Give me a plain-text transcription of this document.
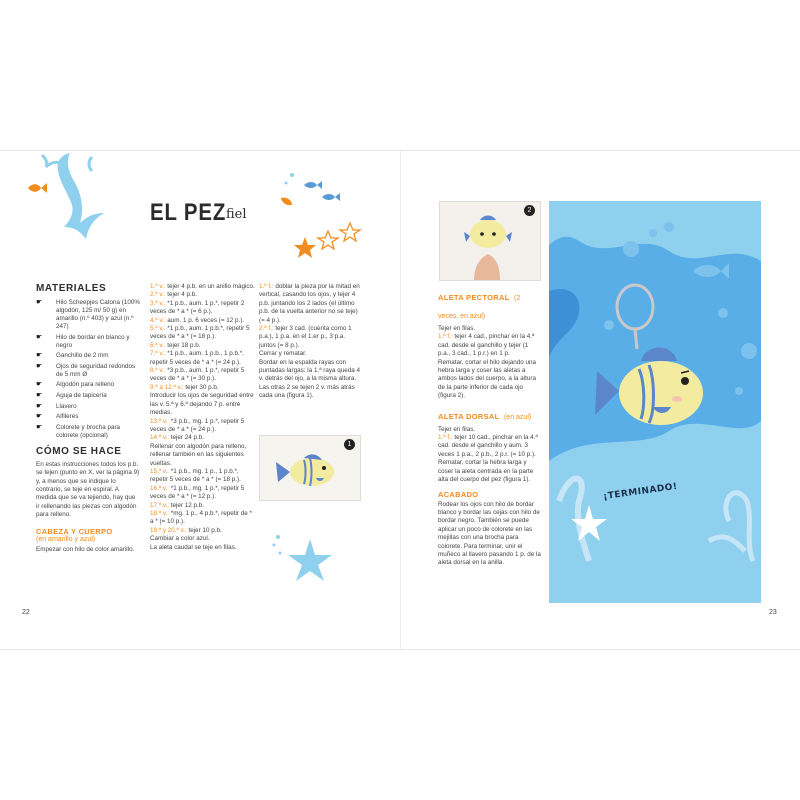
EL PEZ fiel
MATERIALES
☛ Hilo Scheepjes Catona (100% algodón, 125 m/ 50 g) en amarillo (n.º 403) y azul (n.º 247)
☛ Hilo de bordar en blanco y negro
☛ Ganchillo de 2 mm
☛ Ojos de seguridad redondos de 5 mm Ø
☛ Algodón para relleno
☛ Aguja de tapicería
☛ Llavero
☛ Alfileres
☛ Colorete y brocha para colorete (opcional)
CÓMO SE HACE
En estas instrucciones todos los p.b. se tejen (punto en X, ver la página 9) y, a menos que se indique lo contrario, se teje en espiral. A medida que se va tejiendo, hay que ir rellenando las piezas con algodón para relleno.
CABEZA Y CUERPO
(en amarillo y azul)
Empezar con hilo de color amarillo.
1.ª v.: tejer 4 p.b. en un anillo mágico.
2.ª v.: tejer 4 p.b.
3.ª v.: *1 p.b., aum. 1 p.*, repetir 2 veces de * a * (= 6 p.).
4.ª v.: aum. 1 p. 6 veces (= 12 p.).
5.ª v.: *1 p.b., aum. 1 p.b.*, repetir 5 veces de * a * (= 18 p.).
6.ª v.: tejer 18 p.b.
7.ª v.: *1 p.b., aum. 1 p.b., 1 p.b.*, repetir 5 veces de * a * (= 24 p.).
8.ª v.: *3 p.b., aum. 1 p.*, repetir 5 veces de * a * (= 30 p.).
9.ª a 12.ª v.: tejer 30 p.b.
Introducir los ojos de seguridad entre las v. 5.ª y 6.ª dejando 7 p. entre medias.
13.ª v.: *3 p.b., mg. 1 p.*, repetir 5 veces de * a * (= 24 p.).
14.ª v.: tejer 24 p.b.
Rellenar con algodón para relleno, rellenar también en las siguientes vueltas.
15.ª v.: *1 p.b., mg. 1 p., 1 p.b.*, repetir 5 veces de * a * (= 18 p.).
16.ª v.: *1 p.b., mg. 1 p.*, repetir 5 veces de * a * (= 12 p.).
17.ª v.: tejer 12 p.b.
18.ª v.: *mg. 1 p., 4 p.b.*, repetir de * a * (= 10 p.).
19.ª y 20.ª v.: tejer 10 p.b.
Cambiar a color azul.
La aleta caudal se teje en filas.
1.ª f.: doblar la pieza por la mitad en vertical, casando los ojos, y tejer 4 p.b. juntando los 2 lados (el último p.b. de la vuelta anterior no se teje) (= 4 p.).
2.ª f.: tejer 3 cad. (cuenta como 1 p.a.), 1 p.a. en el 1.er p., 3 p.a. juntos (= 8 p.).
Cerrar y rematar.
Bordar en la espalda rayas con puntadas largas: la 1.ª raya queda 4 v. detrás del ojo, a la misma altura. Las otras 2 se tejen 2 v. más atrás cada una (figura 1).
1
22
2
ALETA PECTORAL (2 veces, en azul)
Tejer en filas.
1.ª f.: tejer 4 cad., pinchar en la 4.ª cad. desde el ganchillo y tejer (1 p.a., 3 cad., 1 p.r.) en 1 p.
Rematar, cortar el hilo dejando una hebra larga y coser las aletas a ambos lados del cuerpo, a la altura de la parte inferior de cada ojo (figura 2).
ALETA DORSAL (en azul)
Tejer en filas.
1.ª f.: tejer 10 cad., pinchar en la 4.ª cad. desde el ganchillo y aum. 3 veces 1 p.a., 2 p.b., 2 p.r. (= 10 p.).
Rematar, cortar la hebra larga y coser la aleta centrada en la parte alta del cuerpo del pez (figura 1).
ACABADO
Rodear los ojos con hilo de bordar blanco y bordar las cejas con hilo de bordar negro. También se puede aplicar un poco de colorete en las mejillas con una brocha para colorete. Para terminar, unir el muñeco al llavero pasando 1 p. de la aleta dorsal en la anilla.
¡TERMINADO!
23
